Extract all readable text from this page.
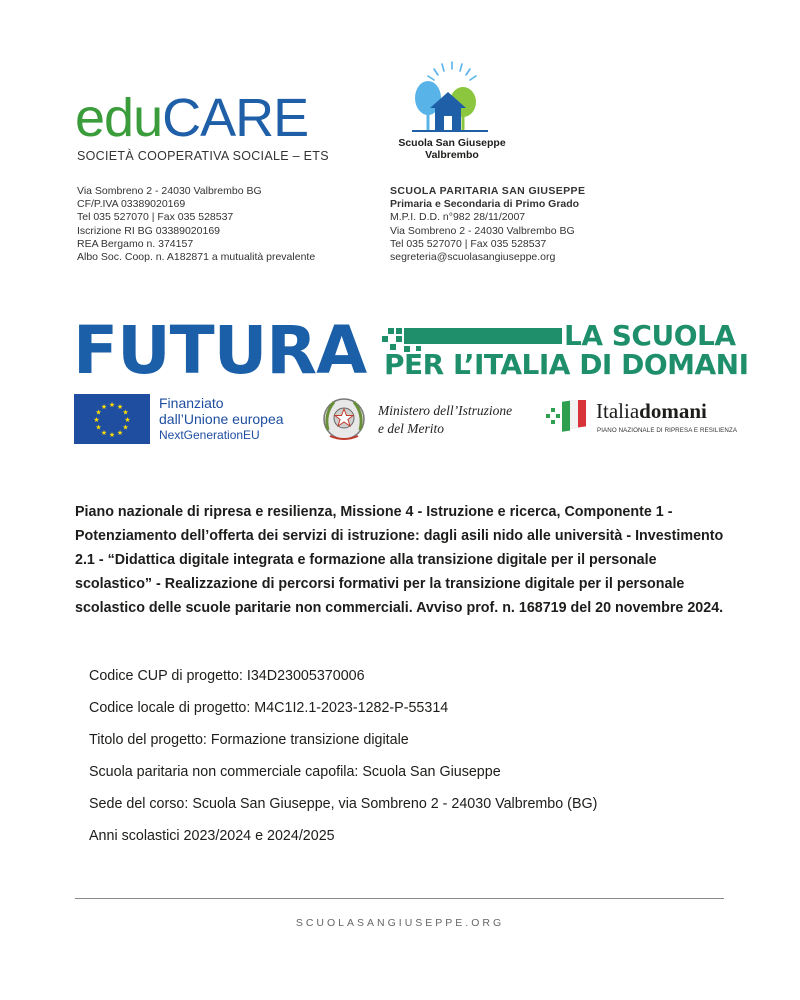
eduCARE
SOCIETÀ COOPERATIVA SOCIALE – ETS
Via Sombreno 2 - 24030 Valbrembo BG
CF/P.IVA 03389020169
Tel 035 527070 | Fax 035 528537
Iscrizione RI BG 03389020169
REA Bergamo n. 374157
Albo Soc. Coop. n. A182871 a mutualità prevalente
Scuola San Giuseppe
Valbrembo
SCUOLA PARITARIA SAN GIUSEPPE
Primaria e Secondaria di Primo Grado
M.P.I. D.D. n°982 28/11/2007
Via Sombreno 2 - 24030 Valbrembo BG
Tel 035 527070 | Fax 035 528537
segreteria@scuolasangiuseppe.org
FUTURA	LA SCUOLA
PER L’ITALIA DI DOMANI
★ ★
★
★
★
★
★
★
★
★
★
★	Finanziato
dall’Unione europea
NextGenerationEU
Ministero dell’Istruzione
e del Merito
Italiadomani
PIANO NAZIONALE DI RIPRESA E RESILIENZA
Piano nazionale di ripresa e resilienza, Missione 4 - Istruzione e ricerca, Componente 1 - Potenziamento dell’offerta dei servizi di istruzione: dagli asili nido alle università - Investimento 2.1 - “Didattica digitale integrata e formazione alla transizione digitale per il personale scolastico” - Realizzazione di percorsi formativi per la transizione digitale per il personale scolastico delle scuole paritarie non commerciali. Avviso prof. n. 168719 del 20 novembre 2024.
Codice CUP di progetto: I34D23005370006
Codice locale di progetto: M4C1I2.1-2023-1282-P-55314
Titolo del progetto: Formazione transizione digitale
Scuola paritaria non commerciale capofila: Scuola San Giuseppe
Sede del corso: Scuola San Giuseppe, via Sombreno 2 - 24030 Valbrembo (BG)
Anni scolastici 2023/2024 e 2024/2025
SCUOLASANGIUSEPPE.ORG
